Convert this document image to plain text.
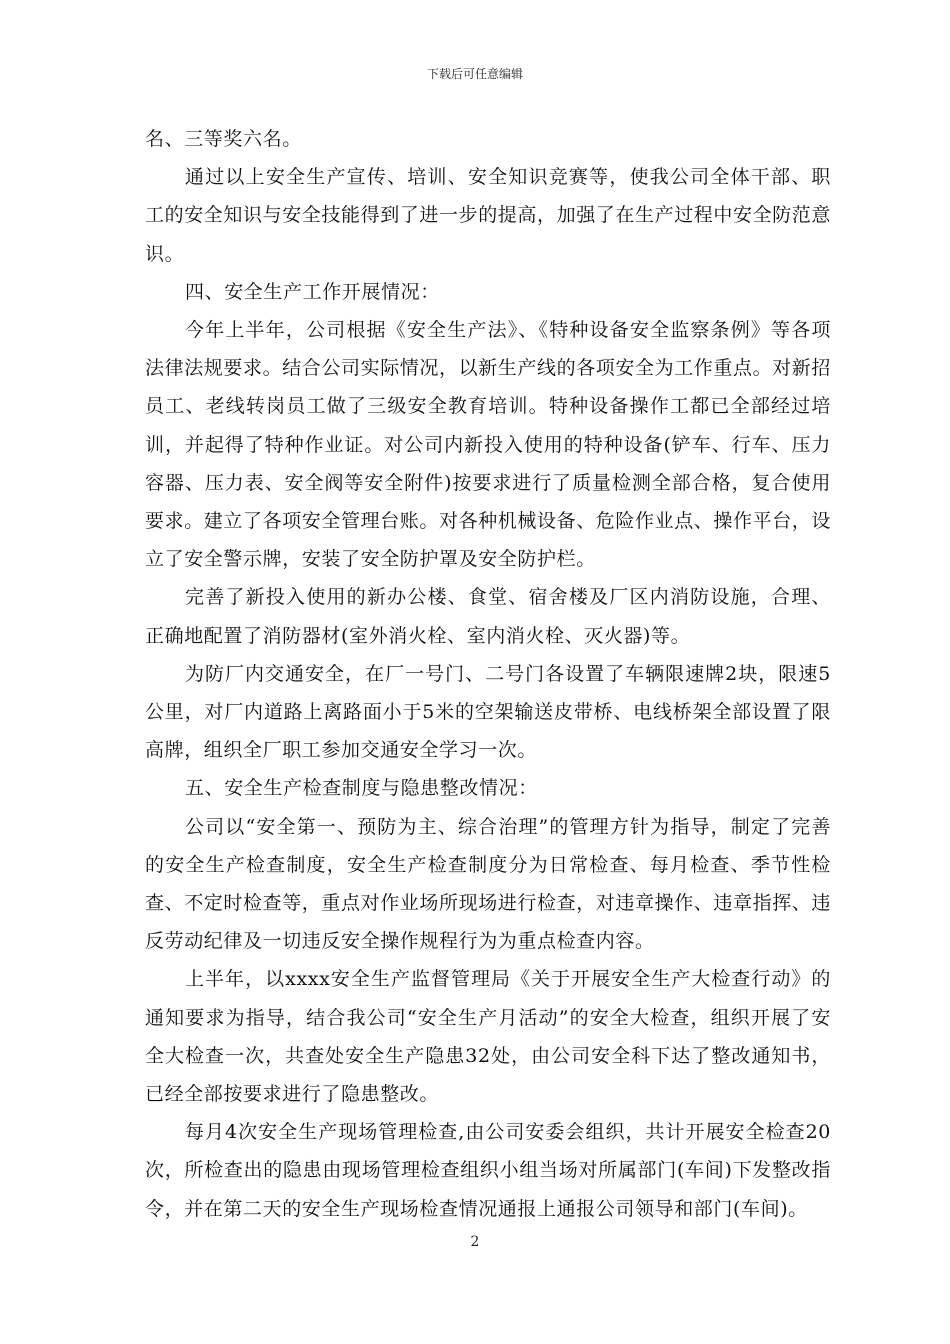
下载后可任意编辑

名、三等奖六名。

通过以上安全生产宣传、培训、安全知识竞赛等，使我公司全体干部、职工的安全知识与安全技能得到了进一步的提高，加强了在生产过程中安全防范意识。

四、安全生产工作开展情况：

今年上半年，公司根据《安全生产法》、《特种设备安全监察条例》等各项法律法规要求。结合公司实际情况，以新生产线的各项安全为工作重点。对新招员工、老线转岗员工做了三级安全教育培训。特种设备操作工都已全部经过培训，并起得了特种作业证。对公司内新投入使用的特种设备(铲车、行车、压力容器、压力表、安全阀等安全附件)按要求进行了质量检测全部合格，复合使用要求。建立了各项安全管理台账。对各种机械设备、危险作业点、操作平台，设立了安全警示牌，安装了安全防护罩及安全防护栏。

完善了新投入使用的新办公楼、食堂、宿舍楼及厂区内消防设施，合理、正确地配置了消防器材(室外消火栓、室内消火栓、灭火器)等。

为防厂内交通安全，在厂一号门、二号门各设置了车辆限速牌2块，限速5公里，对厂内道路上离路面小于5米的空架输送皮带桥、电线桥架全部设置了限高牌，组织全厂职工参加交通安全学习一次。

五、安全生产检查制度与隐患整改情况：

公司以“安全第一、预防为主、综合治理”的管理方针为指导，制定了完善的安全生产检查制度，安全生产检查制度分为日常检查、每月检查、季节性检查、不定时检查等，重点对作业场所现场进行检查，对违章操作、违章指挥、违反劳动纪律及一切违反安全操作规程行为为重点检查内容。

上半年，以xxxx安全生产监督管理局《关于开展安全生产大检查行动》的通知要求为指导，结合我公司“安全生产月活动”的安全大检查，组织开展了安全大检查一次，共查处安全生产隐患32处，由公司安全科下达了整改通知书，已经全部按要求进行了隐患整改。

每月4次安全生产现场管理检查,由公司安委会组织，共计开展安全检查20次，所检查出的隐患由现场管理检查组织小组当场对所属部门(车间)下发整改指令，并在第二天的安全生产现场检查情况通报上通报公司领导和部门(车间)。

2
